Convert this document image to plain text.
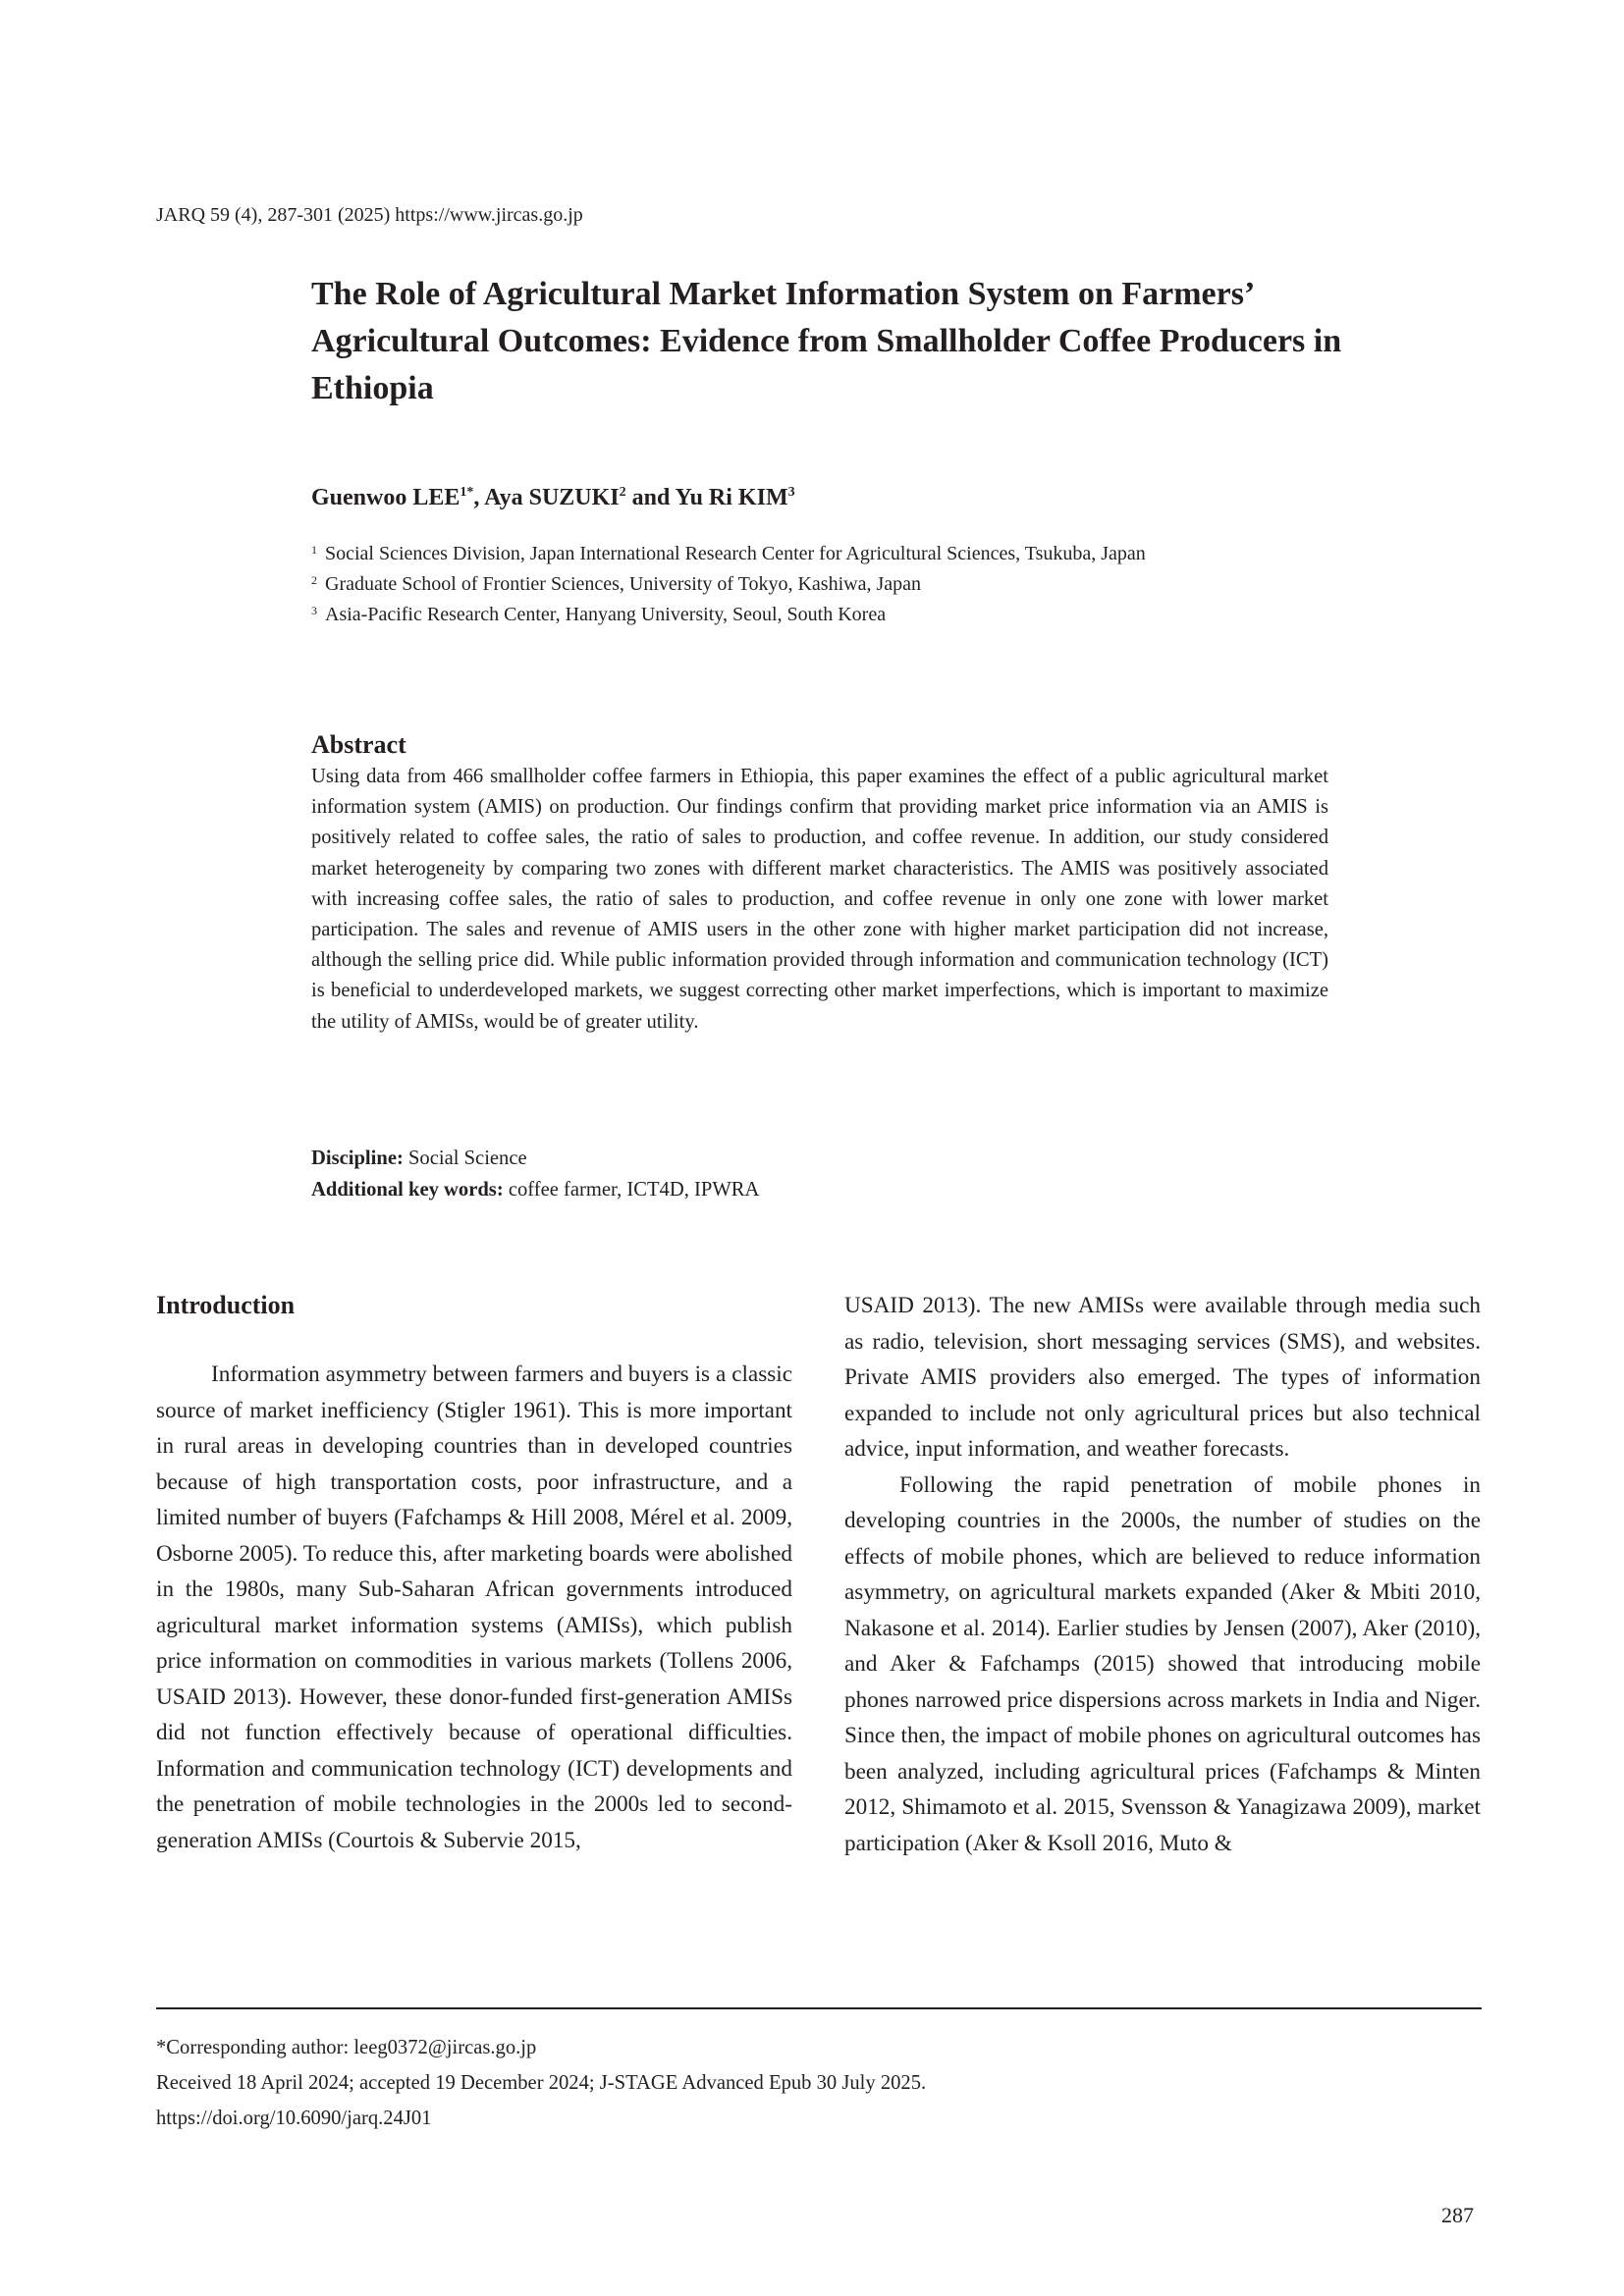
JARQ 59 (4), 287-301 (2025) https://www.jircas.go.jp
The Role of Agricultural Market Information System on Farmers’ Agricultural Outcomes: Evidence from Smallholder Coffee Producers in Ethiopia
Guenwoo $LEE^{1*}$, Aya SUZUKI$^2$ and Yu Ri KIM$^3$
1 Social Sciences Division, Japan International Research Center for Agricultural Sciences, Tsukuba, Japan
2 Graduate School of Frontier Sciences, University of Tokyo, Kashiwa, Japan
3 Asia-Pacific Research Center, Hanyang University, Seoul, South Korea
Abstract
Using data from 466 smallholder coffee farmers in Ethiopia, this paper examines the effect of a public agricultural market information system (AMIS) on production. Our findings confirm that providing market price information via an AMIS is positively related to coffee sales, the ratio of sales to production, and coffee revenue. In addition, our study considered market heterogeneity by comparing two zones with different market characteristics. The AMIS was positively associated with increasing coffee sales, the ratio of sales to production, and coffee revenue in only one zone with lower market participation. The sales and revenue of AMIS users in the other zone with higher market participation did not increase, although the selling price did. While public information provided through information and communication technology (ICT) is beneficial to underdeveloped markets, we suggest correcting other market imperfections, which is important to maximize the utility of AMISs, would be of greater utility.
Discipline: Social Science
Additional key words: coffee farmer, ICT4D, IPWRA
Introduction

Information asymmetry between farmers and buyers is a classic source of market inefficiency (Stigler 1961). This is more important in rural areas in developing countries than in developed countries because of high transportation costs, poor infrastructure, and a limited number of buyers (Fafchamps & Hill 2008, Mérel et al. 2009, Osborne 2005). To reduce this, after marketing boards were abolished in the 1980s, many Sub-Saharan African governments introduced agricultural market information systems (AMISs), which publish price information on commodities in various markets (Tollens 2006, USAID 2013). However, these donor-funded first-generation AMISs did not function effectively because of operational difficulties. Information and communication technology (ICT) developments and the penetration of mobile technologies in the 2000s led to second-generation AMISs (Courtois & Subervie 2015,

USAID 2013). The new AMISs were available through media such as radio, television, short messaging services (SMS), and websites. Private AMIS providers also emerged. The types of information expanded to include not only agricultural prices but also technical advice, input information, and weather forecasts.

Following the rapid penetration of mobile phones in developing countries in the 2000s, the number of studies on the effects of mobile phones, which are believed to reduce information asymmetry, on agricultural markets expanded (Aker & Mbiti 2010, Nakasone et al. 2014). Earlier studies by Jensen (2007), Aker (2010), and Aker & Fafchamps (2015) showed that introducing mobile phones narrowed price dispersions across markets in India and Niger. Since then, the impact of mobile phones on agricultural outcomes has been analyzed, including agricultural prices (Fafchamps & Minten 2012, Shimamoto et al. 2015, Svensson & Yanagizawa 2009), market participation (Aker & Ksoll 2016, Muto &

*Corresponding author: leeg0372@jircas.go.jp
Received 18 April 2024; accepted 19 December 2024; J-STAGE Advanced Epub 30 July 2025.
https://doi.org/10.6090/jarq.24J01
287
